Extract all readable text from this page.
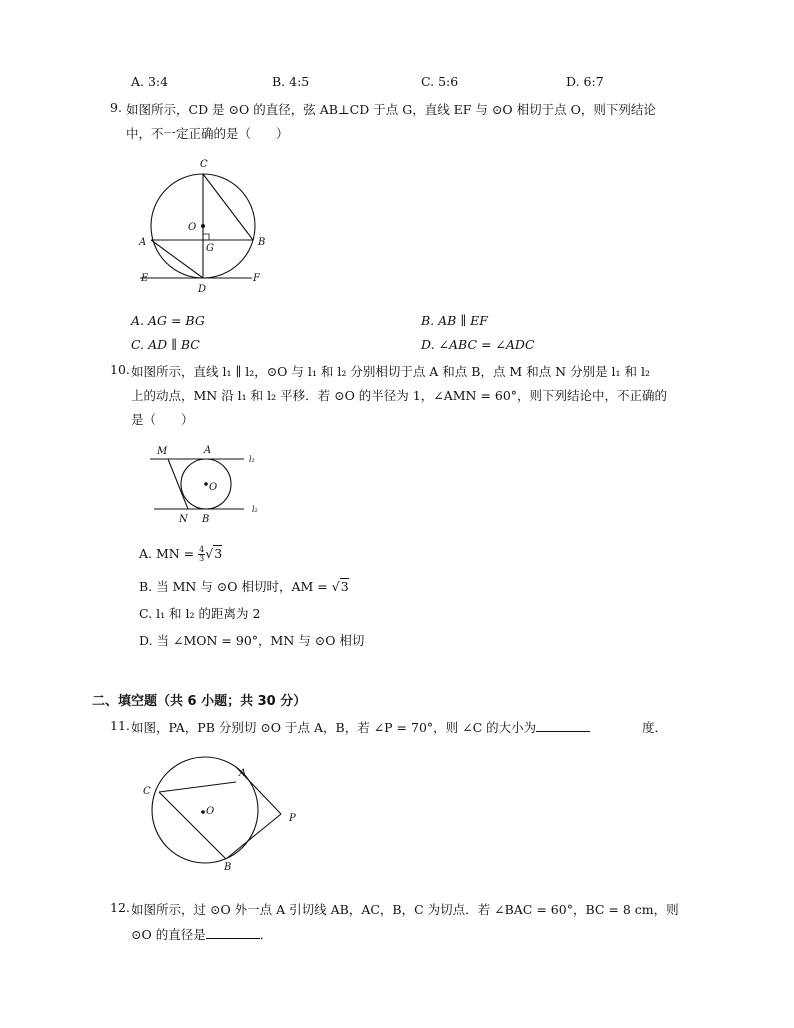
A. 3:4	B. 4:5	C. 5:6	D. 6:7
9. 如图所示，CD 是 ⊙O 的直径，弦 AB⊥CD 于点 G，直线 EF 与 ⊙O 相切于点 O，则下列结论
中，不一定正确的是（　　）
C
O
A	B
G
E
D
F
A. AG = BG	B. AB ∥ EF
C. AD ∥ BC	D. ∠ABC = ∠ADC
10. 如图所示，直线 l₁ ∥ l₂，⊙O 与 l₁ 和 l₂ 分别相切于点 A 和点 B，点 M 和点 N 分别是 l₁ 和 l₂
上的动点，MN 沿 l₁ 和 l₂ 平移．若 ⊙O 的半径为 1，∠AMN = 60°，则下列结论中，不正确的
是（　　）
M	A
l₁
O
N B
l₂
A. MN = $\frac{4}{3} √3$
B. 当 MN 与 ⊙O 相切时，AM = √3
C. l₁ 和 l₂ 的距离为 2
D. 当 ∠MON = 90°，MN 与 ⊙O 相切
二、填空题（共 6 小题；共 30 分）
11. 如图，PA，PB 分别切 ⊙O 于点 A，B，若 ∠P = 70°，则 ∠C 的大小为	度．
A
C
O
P
B
12. 如图所示，过 ⊙O 外一点 A 引切线 AB，AC，B，C 为切点．若 ∠BAC = 60°，BC = 8 cm，则
⊙O 的直径是	．
